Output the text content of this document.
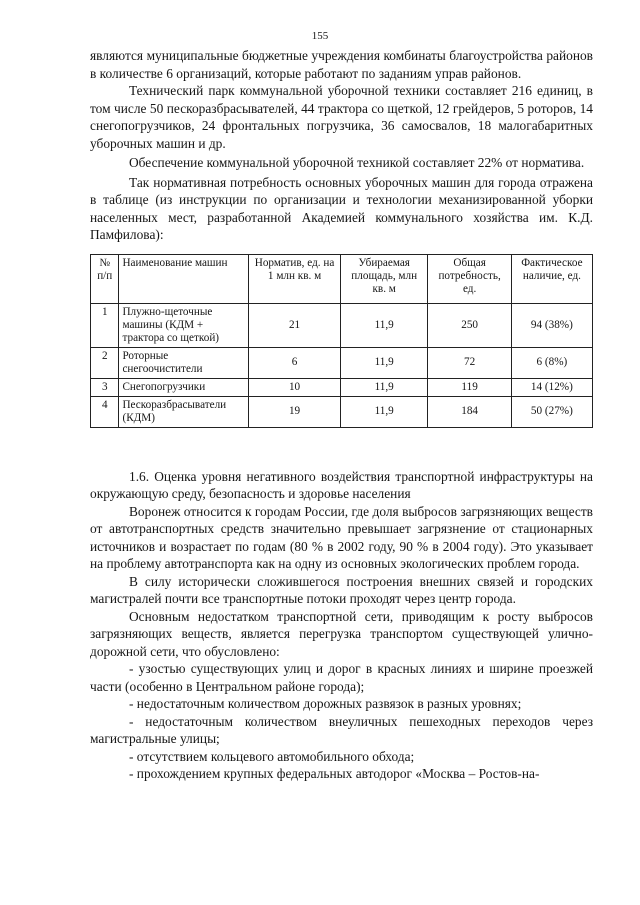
155

являются муниципальные бюджетные учреждения комбинаты благоустройства районов в количестве 6 организаций, которые работают по заданиям управ районов.

Технический парк коммунальной уборочной техники составляет 216 единиц, в том числе 50 пескоразбрасывателей, 44 трактора со щеткой, 12 грейдеров, 5 роторов, 14 снегопогрузчиков, 24 фронтальных погрузчика, 36 самосвалов, 18 малогабаритных уборочных машин и др.

Обеспечение коммунальной уборочной техникой составляет 22% от норматива.

Так нормативная потребность основных уборочных машин для города отражена в таблице (из инструкции по организации и технологии механизированной уборки населенных мест, разработанной Академией коммунального хозяйства им. К.Д. Памфилова):

№ п/п	Наименование машин	Норматив, ед. на 1 млн кв. м	Убираемая площадь, млн кв. м	Общая потребность, ед.	Фактическое наличие, ед.
1	Плужно-щеточные машины (КДМ + трактора со щеткой)	21	11,9	250	94 (38%)
2	Роторные снегоочистители	6	11,9	72	6 (8%)
3	Снегопогрузчики	10	11,9	119	14 (12%)
4	Пескоразбрасыватели (КДМ)	19	11,9	184	50 (27%)

1.6. Оценка уровня негативного воздействия транспортной инфраструктуры на окружающую среду, безопасность и здоровье населения

Воронеж относится к городам России, где доля выбросов загрязняющих веществ от автотранспортных средств значительно превышает загрязнение от стационарных источников и возрастает по годам (80 % в 2002 году, 90 % в 2004 году). Это указывает на проблему автотранспорта как на одну из основных экологических проблем города.

В силу исторически сложившегося построения внешних связей и городских магистралей почти все транспортные потоки проходят через центр города.

Основным недостатком транспортной сети, приводящим к росту выбросов загрязняющих веществ, является перегрузка транспортом существующей улично-дорожной сети, что обусловлено:

- узостью существующих улиц и дорог в красных линиях и ширине проезжей части (особенно в Центральном районе города);

- недостаточным количеством дорожных развязок в разных уровнях;

- недостаточным количеством внеуличных пешеходных переходов через магистральные улицы;

- отсутствием кольцевого автомобильного обхода;

- прохождением крупных федеральных автодорог «Москва – Ростов-на-
